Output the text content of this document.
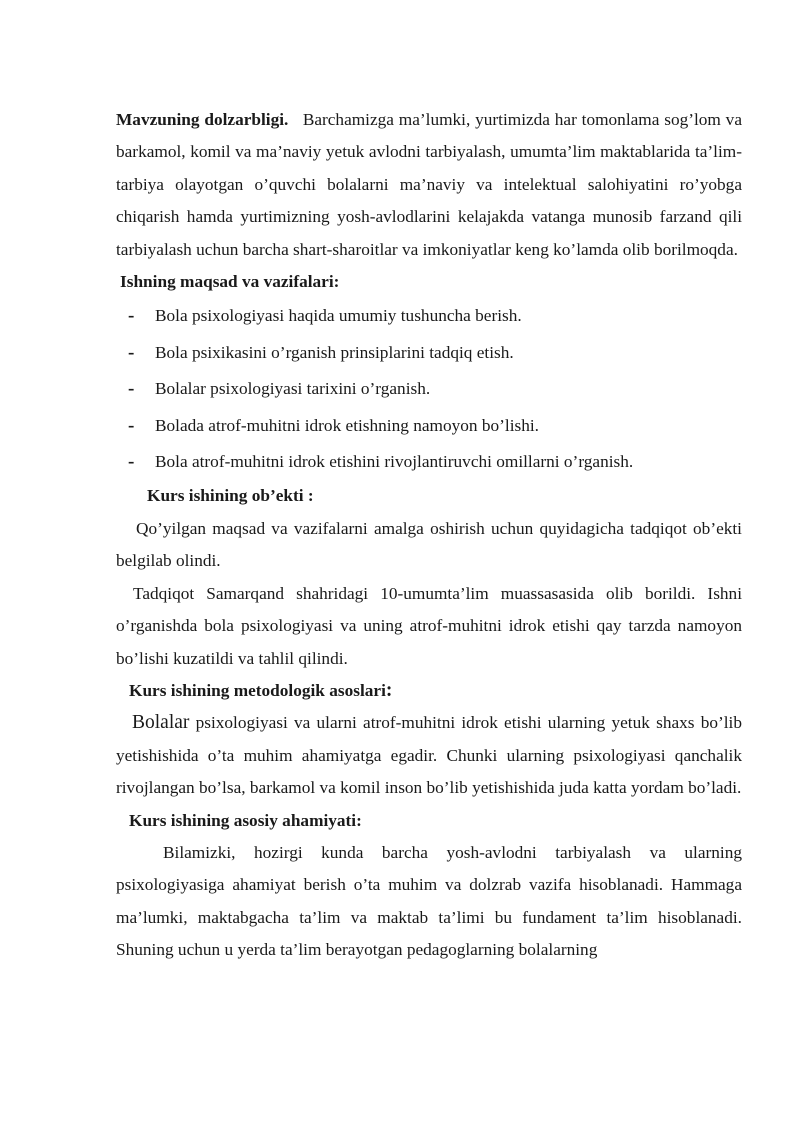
Mavzuning dolzarbligi. Barchamizga ma’lumki, yurtimizda har tomonlama sog’lom va barkamol, komil va ma’naviy yetuk avlodni tarbiyalash, umumta’lim maktablarida ta’lim-tarbiya olayotgan o’quvchi bolalarni ma’naviy va intelektual salohiyatini ro’yobga chiqarish hamda yurtimizning yosh-avlodlarini kelajakda vatanga munosib farzand qili tarbiyalash uchun barcha shart-sharoitlar va imkoniyatlar keng ko’lamda olib borilmoqda.

Ishning maqsad va vazifalari:
- Bola psixologiyasi haqida umumiy tushuncha berish.
- Bola psixikasini o’rganish prinsiplarini tadqiq etish.
- Bolalar psixologiyasi tarixini o’rganish.
- Bolada atrof-muhitni idrok etishning namoyon bo’lishi.
- Bola atrof-muhitni idrok etishini rivojlantiruvchi omillarni o’rganish.
Kurs ishining ob’ekti :

Qo’yilgan maqsad va vazifalarni amalga oshirish uchun quyidagicha tadqiqot ob’ekti belgilab olindi.

Tadqiqot Samarqand shahridagi 10-umumta’lim muassasasida olib borildi. Ishni o’rganishda bola psixologiyasi va uning atrof-muhitni idrok etishi qay tarzda namoyon bo’lishi kuzatildi va tahlil qilindi.

Kurs ishining metodologik asoslari:

Bolalar psixologiyasi va ularni atrof-muhitni idrok etishi ularning yetuk shaxs bo’lib yetishishida o’ta muhim ahamiyatga egadir. Chunki ularning psixologiyasi qanchalik rivojlangan bo’lsa, barkamol va komil inson bo’lib yetishishida juda katta yordam bo’ladi.

Kurs ishining asosiy ahamiyati:

Bilamizki, hozirgi kunda barcha yosh-avlodni tarbiyalash va ularning psixologiyasiga ahamiyat berish o’ta muhim va dolzrab vazifa hisoblanadi. Hammaga ma’lumki, maktabgacha ta’lim va maktab ta’limi bu fundament ta’lim hisoblanadi. Shuning uchun u yerda ta’lim berayotgan pedagoglarning bolalarning
